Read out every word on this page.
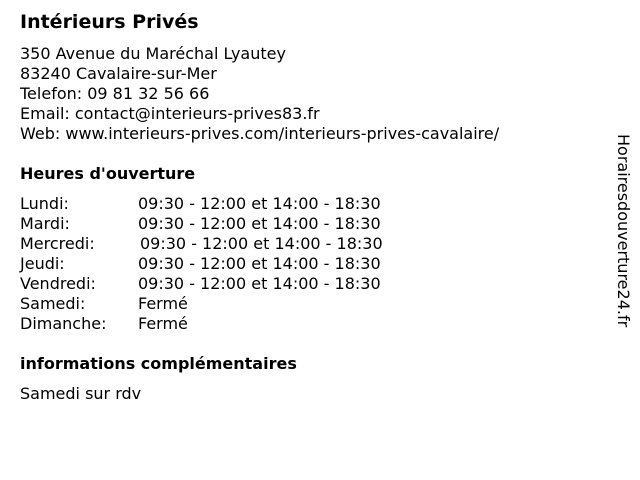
Intérieurs Privés
350 Avenue du Maréchal Lyautey
83240 Cavalaire-sur-Mer
Telefon: 09 81 32 56 66
Email: contact@interieurs-prives83.fr
Web: www.interieurs-prives.com/interieurs-prives-cavalaire/
Heures d'ouverture
Lundi:	09:30 - 12:00 et 14:00 - 18:30
Mardi:	09:30 - 12:00 et 14:00 - 18:30
Mercredi:	09:30 - 12:00 et 14:00 - 18:30
Jeudi:	09:30 - 12:00 et 14:00 - 18:30
Vendredi:	09:30 - 12:00 et 14:00 - 18:30
Samedi:	Fermé
Dimanche: Fermé
informations complémentaires
Samedi sur rdv
Horairesdouverture24.fr
